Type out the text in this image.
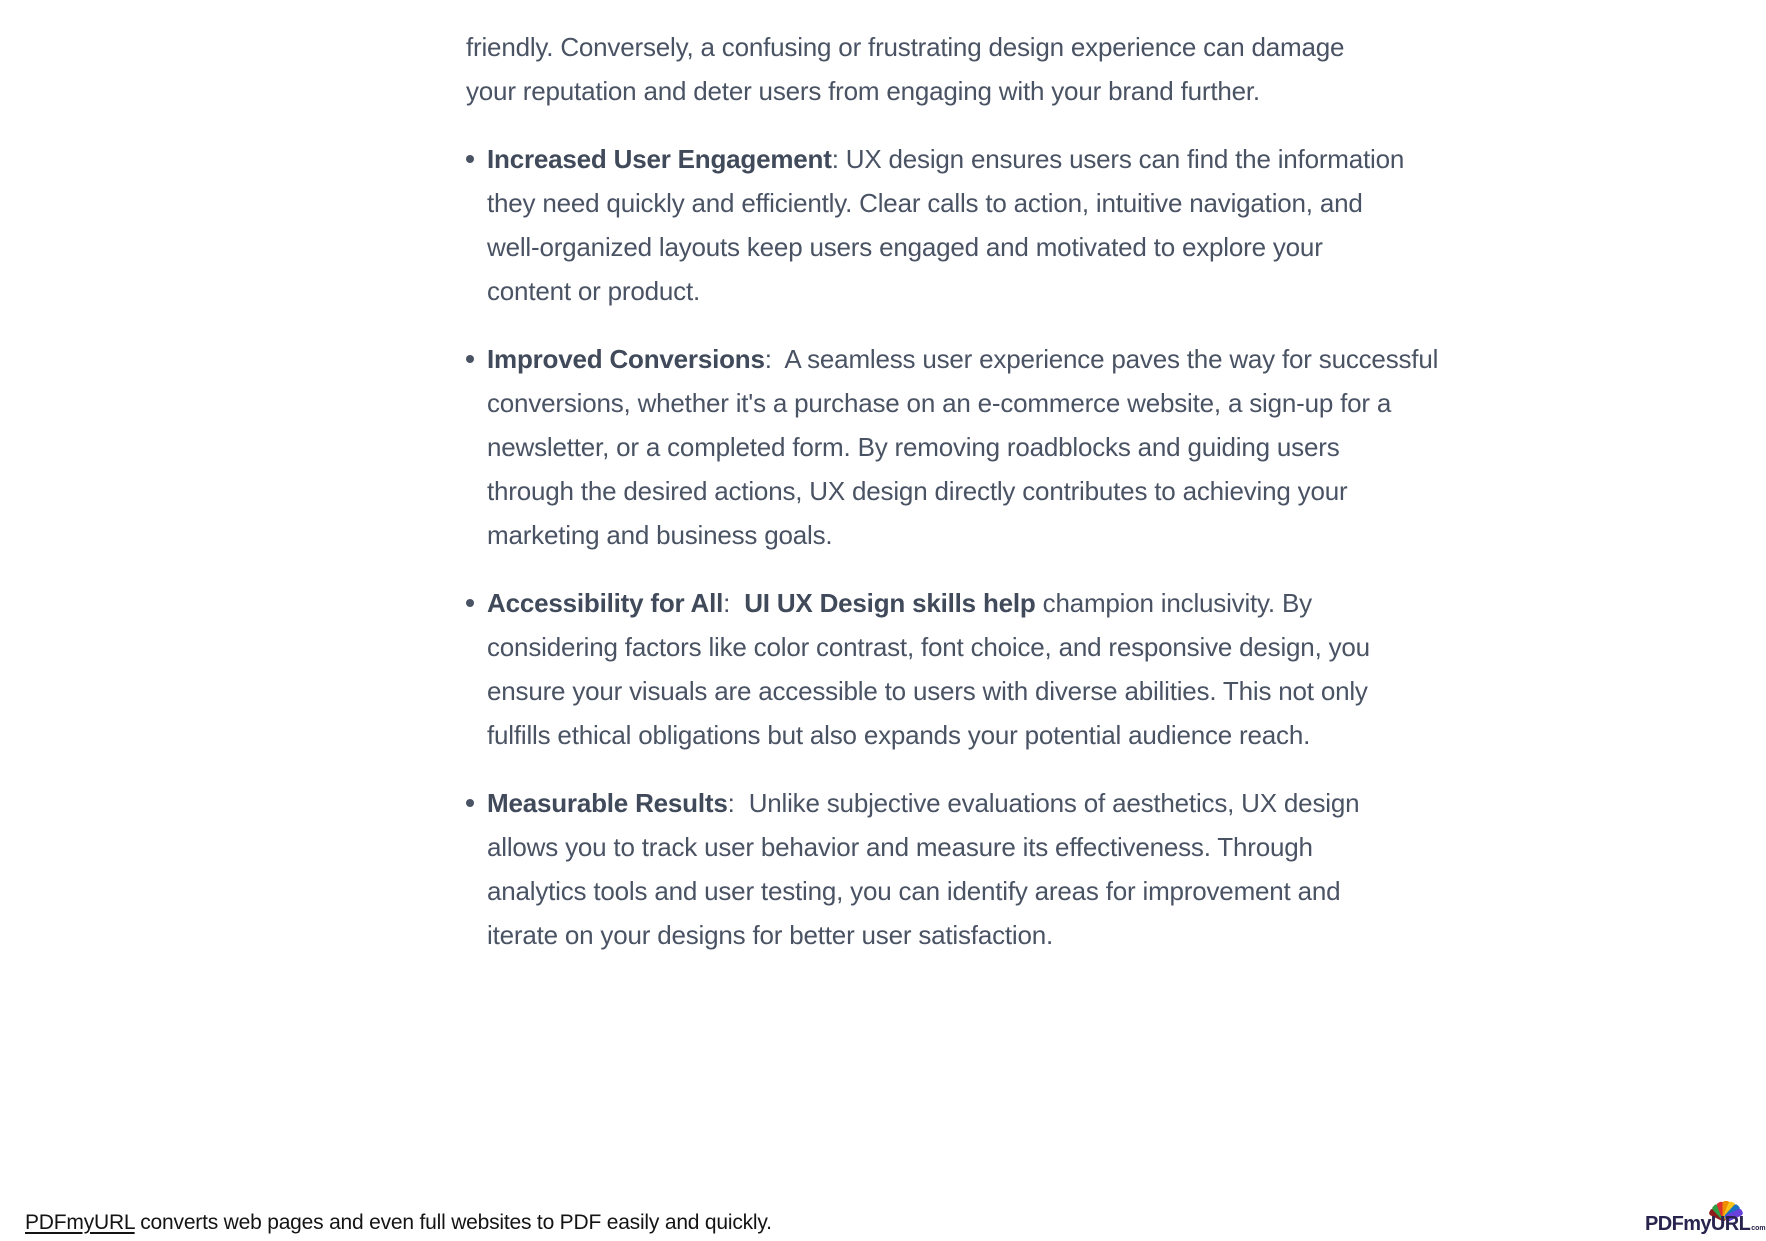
friendly. Conversely, a confusing or frustrating design experience can damage
your reputation and deter users from engaging with your brand further.

Increased User Engagement: UX design ensures users can find the information
they need quickly and efficiently. Clear calls to action, intuitive navigation, and
well-organized layouts keep users engaged and motivated to explore your
content or product.
Improved Conversions:  A seamless user experience paves the way for successful
conversions, whether it's a purchase on an e-commerce website, a sign-up for a
newsletter, or a completed form. By removing roadblocks and guiding users
through the desired actions, UX design directly contributes to achieving your
marketing and business goals.
Accessibility for All:  UI UX Design skills help champion inclusivity. By
considering factors like color contrast, font choice, and responsive design, you
ensure your visuals are accessible to users with diverse abilities. This not only
fulfills ethical obligations but also expands your potential audience reach.
Measurable Results:  Unlike subjective evaluations of aesthetics, UX design
allows you to track user behavior and measure its effectiveness. Through
analytics tools and user testing, you can identify areas for improvement and
iterate on your designs for better user satisfaction.
PDFmyURL converts web pages and even full websites to PDF easily and quickly.	PDFmyURLcom
